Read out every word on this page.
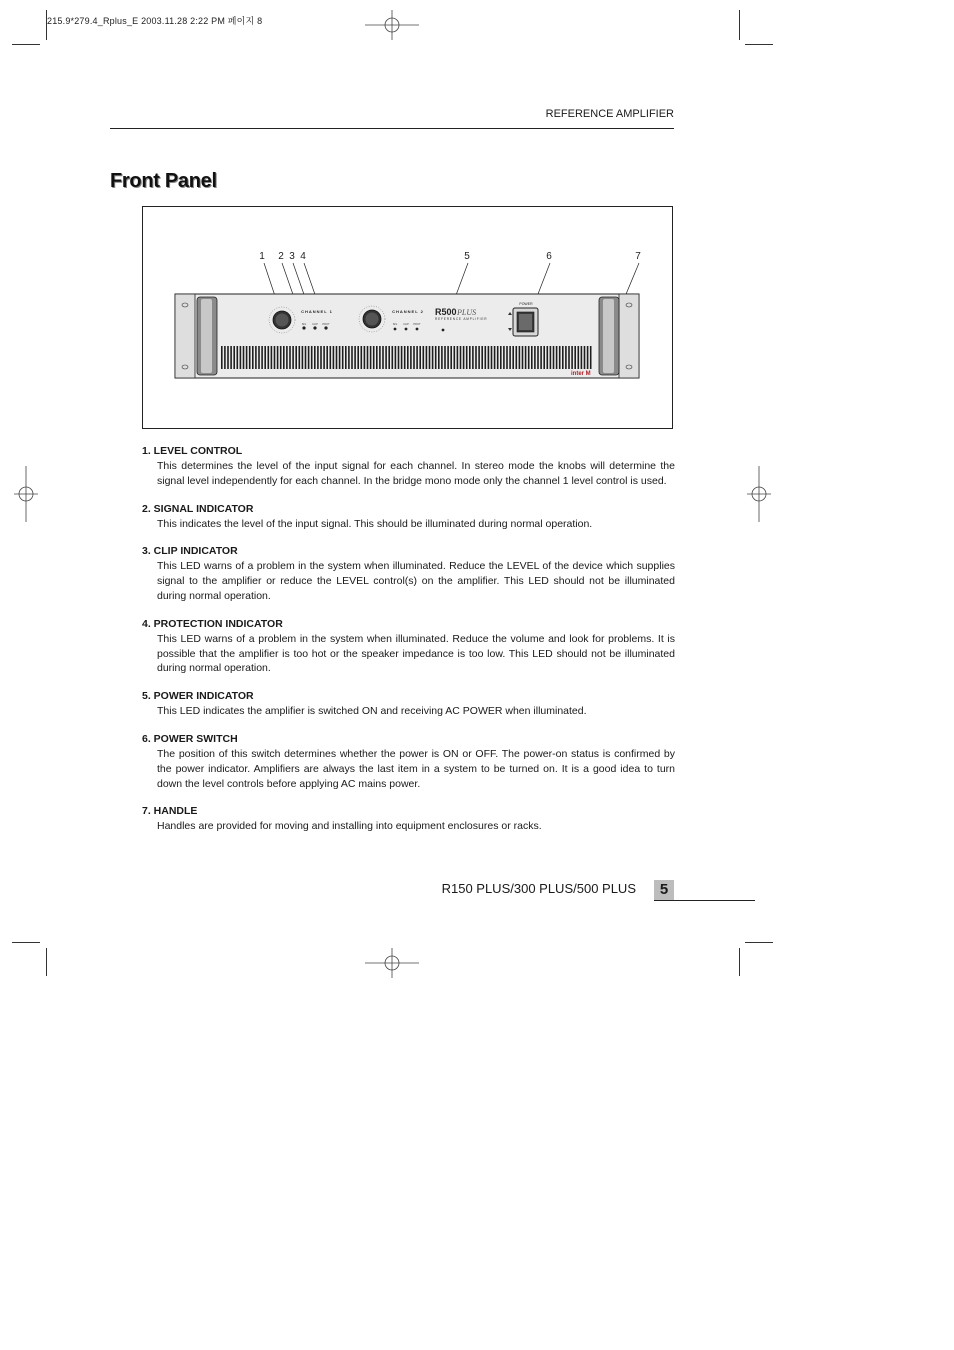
215.9*279.4_Rplus_E 2003.11.28 2:22 PM 페이지 8
REFERENCE AMPLIFIER
Front Panel
1 2 3 4	5	6	7
CHANNEL 1	CHANNEL 2
SIG CLIP PROT	SIG CLIP PROT
R500 PLUS
REFERENCE AMPLIFIER
POWER
inter M
1. LEVEL CONTROL

This determines the level of the input signal for each channel. In stereo mode the knobs will determine the signal level independently for each channel. In the bridge mono mode only the channel 1 level control is used.

2. SIGNAL INDICATOR

This indicates the level of the input signal. This should be illuminated during normal operation.

3. CLIP INDICATOR

This LED warns of a problem in the system when illuminated. Reduce the LEVEL of the device which supplies signal to the amplifier or reduce the LEVEL control(s) on the amplifier. This LED should not be illuminated during normal operation.

4. PROTECTION INDICATOR

This LED warns of a problem in the system when illuminated. Reduce the volume and look for problems. It is possible that the amplifier is too hot or the speaker impedance is too low. This LED should not be illuminated during normal operation.

5. POWER INDICATOR

This LED indicates the amplifier is switched ON and receiving AC POWER when illuminated.

6. POWER SWITCH

The position of this switch determines whether the power is ON or OFF. The power-on status is confirmed by the power indicator. Amplifiers are always the last item in a system to be turned on. It is a good idea to turn down the level controls before applying AC mains power.

7. HANDLE

Handles are provided for moving and installing into equipment enclosures or racks.

R150 PLUS/300 PLUS/500 PLUS	5
